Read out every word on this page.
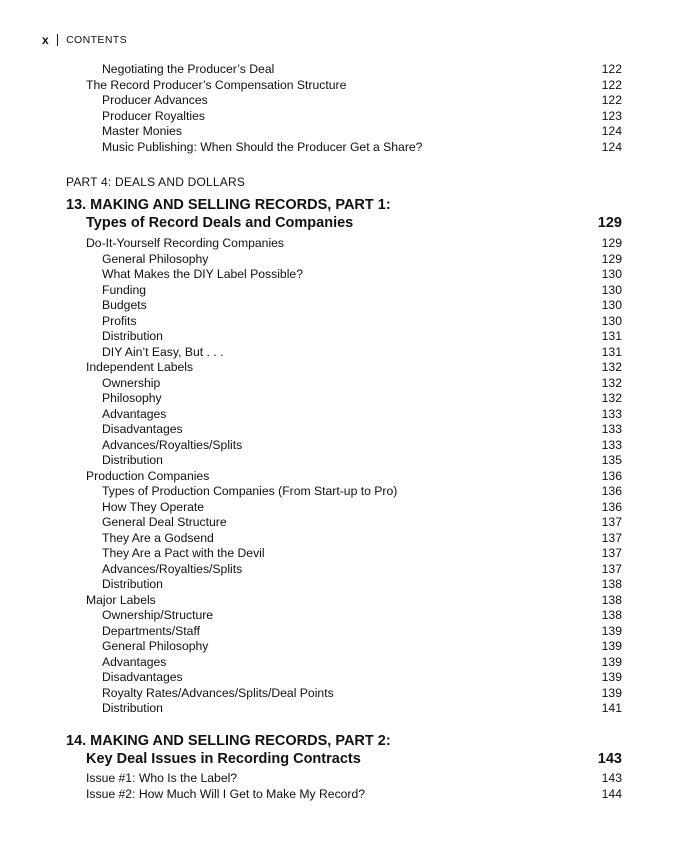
x CONTENTS
Negotiating the Producer’s Deal	122
The Record Producer’s Compensation Structure	122
Producer Advances	122
Producer Royalties	123
Master Monies	124
Music Publishing: When Should the Producer Get a Share?	124
PART 4: DEALS AND DOLLARS
13. MAKING AND SELLING RECORDS, PART 1:
Types of Record Deals and Companies	129
Do-It-Yourself Recording Companies	129
General Philosophy	129
What Makes the DIY Label Possible?	130
Funding	130
Budgets	130
Profits	130
Distribution	131
DIY Ain’t Easy, But . . .	131
Independent Labels	132
Ownership	132
Philosophy	132
Advantages	133
Disadvantages	133
Advances/Royalties/Splits	133
Distribution	135
Production Companies	136
Types of Production Companies (From Start-up to Pro)	136
How They Operate	136
General Deal Structure	137
They Are a Godsend	137
They Are a Pact with the Devil	137
Advances/Royalties/Splits	137
Distribution	138
Major Labels	138
Ownership/Structure	138
Departments/Staff	139
General Philosophy	139
Advantages	139
Disadvantages	139
Royalty Rates/Advances/Splits/Deal Points	139
Distribution	141
14. MAKING AND SELLING RECORDS, PART 2:
Key Deal Issues in Recording Contracts	143
Issue #1: Who Is the Label?	143
Issue #2: How Much Will I Get to Make My Record?	144
